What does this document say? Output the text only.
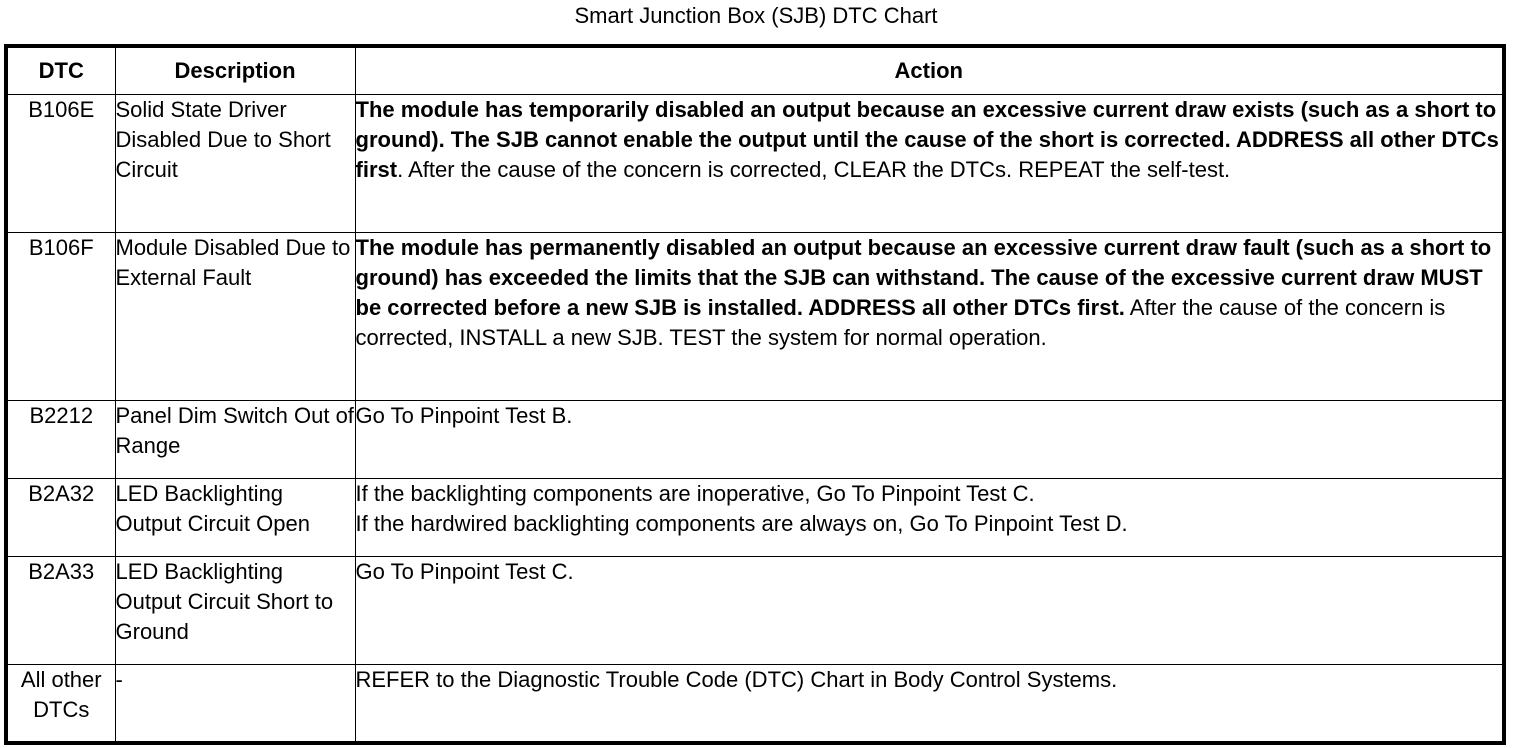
Smart Junction Box (SJB) DTC Chart
DTC	Description	Action
B106E	Solid State Driver Disabled Due to Short Circuit	The module has temporarily disabled an output because an excessive current draw exists (such as a short to ground). The SJB cannot enable the output until the cause of the short is corrected. ADDRESS all other DTCs first. After the cause of the concern is corrected, CLEAR the DTCs. REPEAT the self-test.
B106F	Module Disabled Due to External Fault	The module has permanently disabled an output because an excessive current draw fault (such as a short to ground) has exceeded the limits that the SJB can withstand. The cause of the excessive current draw MUST be corrected before a new SJB is installed. ADDRESS all other DTCs first. After the cause of the concern is corrected, INSTALL a new SJB. TEST the system for normal operation.
B2212	Panel Dim Switch Out of Range	Go To Pinpoint Test B.
B2A32	LED Backlighting Output Circuit Open	If the backlighting components are inoperative, Go To Pinpoint Test C.
If the hardwired backlighting components are always on, Go To Pinpoint Test D.

B2A33	LED Backlighting Output Circuit Short to Ground	Go To Pinpoint Test C.
All other DTCs	-	REFER to the Diagnostic Trouble Code (DTC) Chart in Body Control Systems.
